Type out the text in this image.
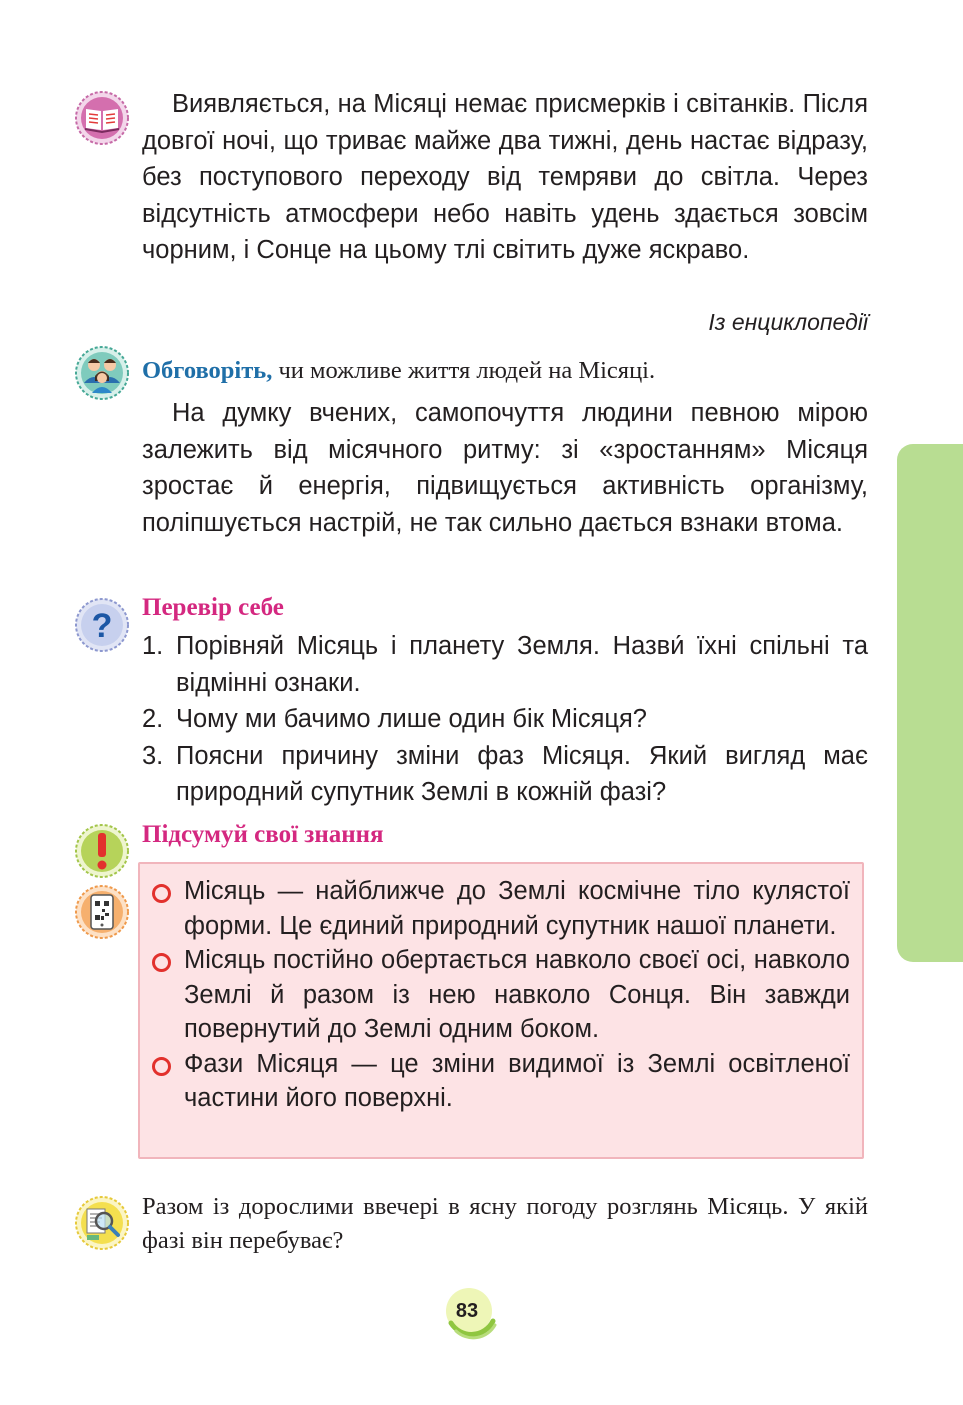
Виявляється, на Місяці немає присмерків і світанків. Після довгої ночі, що триває майже два тижні, день настає відразу, без поступового переходу від темряви до світла. Через відсутність атмосфери небо навіть удень здається зовсім чорним, і Сонце на цьому тлі світить дуже яскраво.

Із енциклопедії
Обговоріть, чи можливе життя людей на Місяці.

На думку вчених, самопочуття людини певною мірою залежить від місячного ритму: зі «зростанням» Місяця зростає й енергія, підвищується активність організму, поліпшується настрій, не так сильно дається взнаки втома.

? Перевір себе
1. Порівняй Місяць і планету Земля. Назви́ їхні спільні та відмінні ознаки.
2. Чому ми бачимо лише один бік Місяця?
3. Поясни причину зміни фаз Місяця. Який вигляд має природний супутник Землі в кожній фазі?
Підсумуй свої знання
Місяць — найближче до Землі космічне тіло кулястої форми. Це єдиний природний супутник нашої планети.
Місяць постійно обертається навколо своєї осі, навколо Землі й разом із нею навколо Сонця. Він завжди повернутий до Землі одним боком.
Фази Місяця — це зміни видимої із Землі освітленої частини його поверхні.
Разом із дорослими ввечері в ясну погоду розглянь Місяць. У якій фазі він перебуває?
83
